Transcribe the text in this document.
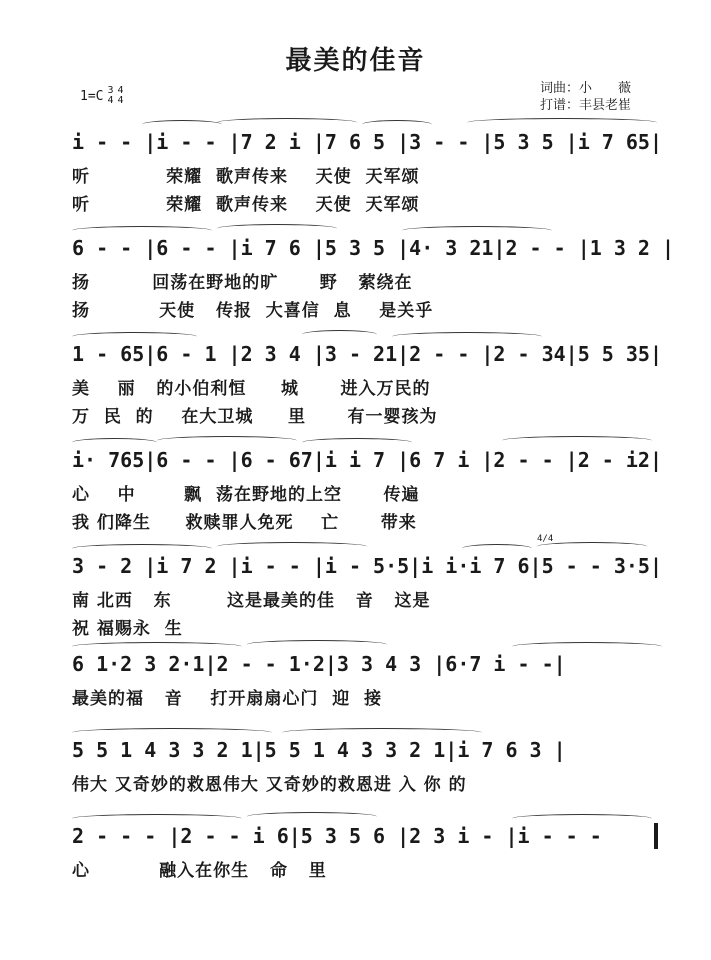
最美的佳音
1=C 3
4
4
4
词曲：小　　薇
打谱：丰县老崔
i - - |i - - |7 2 i |7 6 5 |3 - - |5 3 5 |i 7 65|
听           荣耀  歌声传来    天使  天军颂
听           荣耀  歌声传来    天使  天军颂
6 - - |6 - - |i 7 6 |5 3 5 |4· 3 21|2 - - |1 3 2 |
扬         回荡在野地的旷      野   萦绕在
扬          天使   传报  大喜信  息    是关乎
1 - 65|6 - 1 |2 3 4 |3 - 21|2 - - |2 - 34|5 5 35|
美    丽   的小伯利恒     城      进入万民的
万  民  的    在大卫城     里      有一婴孩为
i· 765|6 - - |6 - 67|i i 7 |6 7 i |2 - - |2 - i2|
心    中       飘  荡在野地的上空      传遍
我 们降生     救赎罪人免死    亡      带来
4/4
3 - 2 |i 7 2 |i - - |i - 5·5|i i·i 7 6|5 - - 3·5|
南 北西   东        这是最美的佳   音   这是
祝 福赐永  生
6 1·2 3 2·1|2 - - 1·2|3 3 4 3 |6·7 i - -|
最美的福   音    打开扇扇心门  迎  接
5 5 1 4 3 3 2 1|5 5 1 4 3 3 2 1|i 7 6 3 |
伟大 又奇妙的救恩伟大 又奇妙的救恩进 入 你 的
2 - - - |2 - - i 6|5 3 5 6 |2 3 i - |i - - -
心          融入在你生   命   里
